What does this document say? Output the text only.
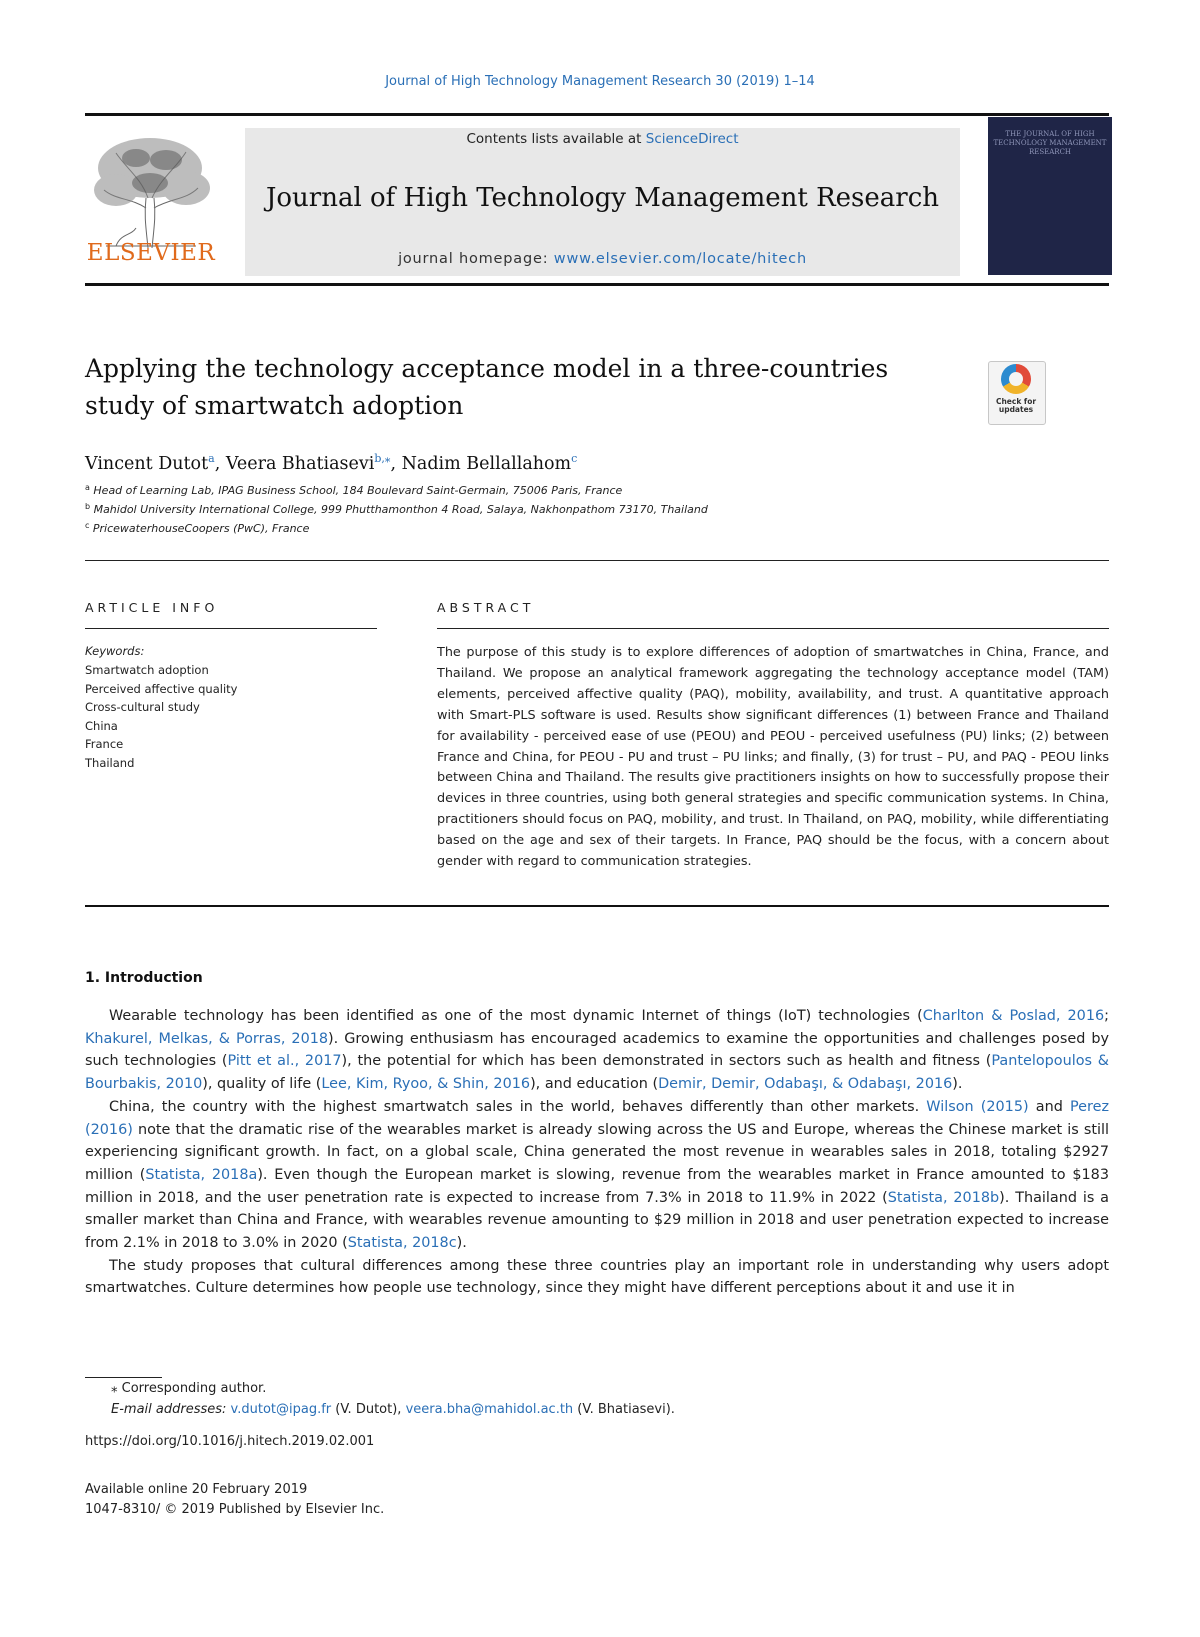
Journal of High Technology Management Research 30 (2019) 1–14
ELSEVIER
Contents lists available at ScienceDirect
Journal of High Technology Management Research
journal homepage: www.elsevier.com/locate/hitech
THE JOURNAL OF HIGH TECHNOLOGY MANAGEMENT RESEARCH
Applying the technology acceptance model in a three-countries study of smartwatch adoption	Check for updates
Vincent Dutot$^a$, Veera Bhatiasevi$^{b,⁎}$, Nadim Bellallahom$^c$
$^a$ Head of Learning Lab, IPAG Business School, 184 Boulevard Saint-Germain, 75006 Paris, France
$^b$ Mahidol University International College, 999 Phutthamonthon 4 Road, Salaya, Nakhonpathom 73170, Thailand
$^c$ PricewaterhouseCoopers (PwC), France
ARTICLE INFO
Keywords:
Smartwatch adoption
Perceived affective quality
Cross-cultural study
China
France
Thailand
ABSTRACT
The purpose of this study is to explore differences of adoption of smartwatches in China, France, and Thailand. We propose an analytical framework aggregating the technology acceptance model (TAM) elements, perceived affective quality (PAQ), mobility, availability, and trust. A quantitative approach with Smart-PLS software is used. Results show significant differences (1) between France and Thailand for availability - perceived ease of use (PEOU) and PEOU - perceived usefulness (PU) links; (2) between France and China, for PEOU - PU and trust – PU links; and finally, (3) for trust – PU, and PAQ - PEOU links between China and Thailand. The results give practitioners insights on how to successfully propose their devices in three countries, using both general strategies and specific communication systems. In China, practitioners should focus on PAQ, mobility, and trust. In Thailand, on PAQ, mobility, while differentiating based on the age and sex of their targets. In France, PAQ should be the focus, with a concern about gender with regard to communication strategies.
1. Introduction

Wearable technology has been identified as one of the most dynamic Internet of things (IoT) technologies (Charlton & Poslad, 2016; Khakurel, Melkas, & Porras, 2018). Growing enthusiasm has encouraged academics to examine the opportunities and challenges posed by such technologies (Pitt et al., 2017), the potential for which has been demonstrated in sectors such as health and fitness (Pantelopoulos & Bourbakis, 2010), quality of life (Lee, Kim, Ryoo, & Shin, 2016), and education (Demir, Demir, Odabaşı, & Odabaşı, 2016).

China, the country with the highest smartwatch sales in the world, behaves differently than other markets. Wilson (2015) and Perez (2016) note that the dramatic rise of the wearables market is already slowing across the US and Europe, whereas the Chinese market is still experiencing significant growth. In fact, on a global scale, China generated the most revenue in wearables sales in 2018, totaling $2927 million (Statista, 2018a). Even though the European market is slowing, revenue from the wearables market in France amounted to $183 million in 2018, and the user penetration rate is expected to increase from 7.3% in 2018 to 11.9% in 2022 (Statista, 2018b). Thailand is a smaller market than China and France, with wearables revenue amounting to $29 million in 2018 and user penetration expected to increase from 2.1% in 2018 to 3.0% in 2020 (Statista, 2018c).

The study proposes that cultural differences among these three countries play an important role in understanding why users adopt smartwatches. Culture determines how people use technology, since they might have different perceptions about it and use it in

⁎ Corresponding author.
E-mail addresses: v.dutot@ipag.fr (V. Dutot), veera.bha@mahidol.ac.th (V. Bhatiasevi).
https://doi.org/10.1016/j.hitech.2019.02.001
Available online 20 February 2019
1047-8310/ © 2019 Published by Elsevier Inc.
